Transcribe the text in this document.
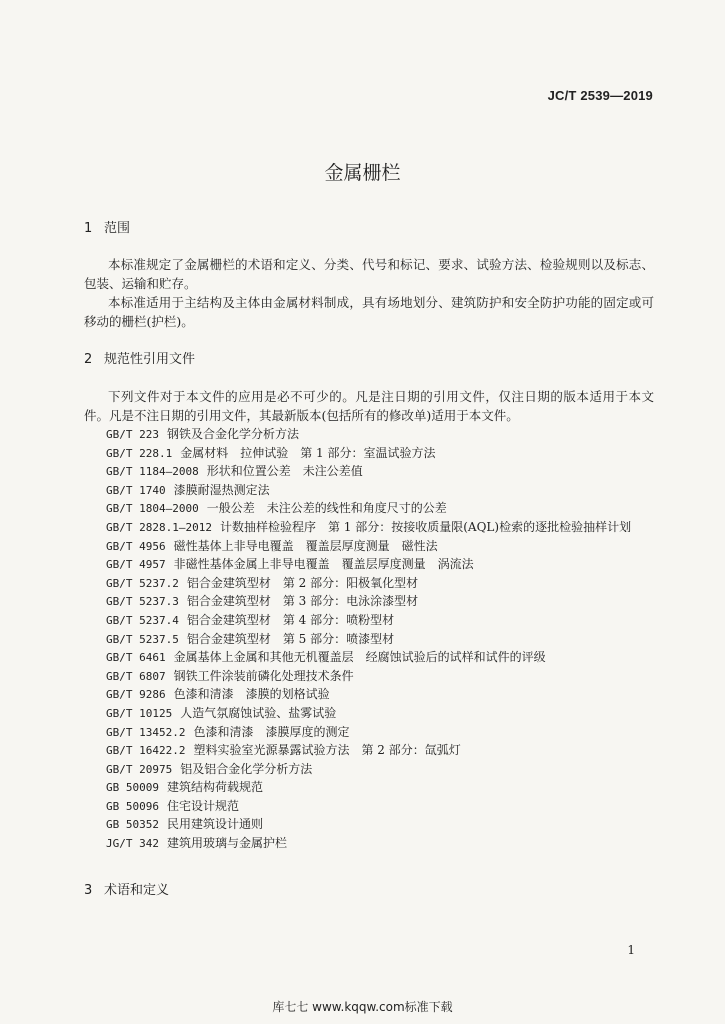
JC/T 2539—2019
金属栅栏
1 范围
本标准规定了金属栅栏的术语和定义、分类、代号和标记、要求、试验方法、检验规则以及标志、包装、运输和贮存。
本标准适用于主结构及主体由金属材料制成，具有场地划分、建筑防护和安全防护功能的固定或可移动的栅栏(护栏)。
2 规范性引用文件
下列文件对于本文件的应用是必不可少的。凡是注日期的引用文件，仅注日期的版本适用于本文件。凡是不注日期的引用文件，其最新版本(包括所有的修改单)适用于本文件。
GB/T 223 钢铁及合金化学分析方法
GB/T 228.1 金属材料　拉伸试验　第 1 部分：室温试验方法
GB/T 1184—2008 形状和位置公差　未注公差值
GB/T 1740 漆膜耐湿热测定法
GB/T 1804—2000 一般公差　未注公差的线性和角度尺寸的公差
GB/T 2828.1—2012 计数抽样检验程序　第 1 部分：按接收质量限(AQL)检索的逐批检验抽样计划
GB/T 4956 磁性基体上非导电覆盖　覆盖层厚度测量　磁性法
GB/T 4957 非磁性基体金属上非导电覆盖　覆盖层厚度测量　涡流法
GB/T 5237.2 铝合金建筑型材　第 2 部分：阳极氧化型材
GB/T 5237.3 铝合金建筑型材　第 3 部分：电泳涂漆型材
GB/T 5237.4 铝合金建筑型材　第 4 部分：喷粉型材
GB/T 5237.5 铝合金建筑型材　第 5 部分：喷漆型材
GB/T 6461 金属基体上金属和其他无机覆盖层　经腐蚀试验后的试样和试件的评级
GB/T 6807 钢铁工件涂装前磷化处理技术条件
GB/T 9286 色漆和清漆　漆膜的划格试验
GB/T 10125 人造气氛腐蚀试验、盐雾试验
GB/T 13452.2 色漆和清漆　漆膜厚度的测定
GB/T 16422.2 塑料实验室光源暴露试验方法　第 2 部分：氙弧灯
GB/T 20975 铝及铝合金化学分析方法
GB 50009 建筑结构荷载规范
GB 50096 住宅设计规范
GB 50352 民用建筑设计通则
JG/T 342 建筑用玻璃与金属护栏
3 术语和定义
1
库七七 www.kqqw.com标准下载
